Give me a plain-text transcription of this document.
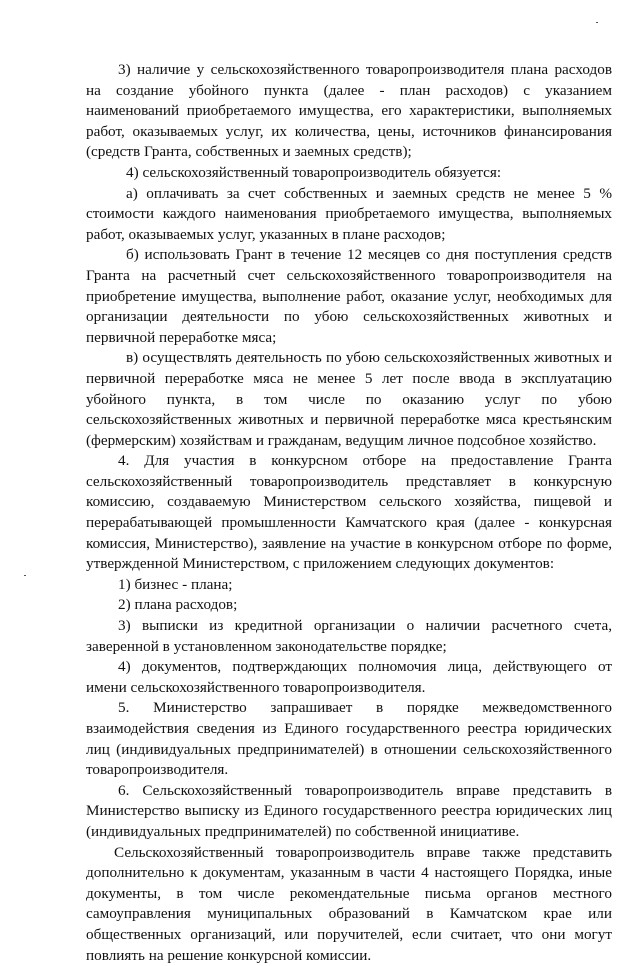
3) наличие у сельскохозяйственного товаропроизводителя плана расходов
на создание убойного пункта (далее - план расходов) с указанием
наименований приобретаемого имущества, его характеристики, выполняемых
работ, оказываемых услуг, их количества, цены, источников финансирования
(средств Гранта, собственных и заемных средств);
4) сельскохозяйственный товаропроизводитель обязуется:
а) оплачивать за счет собственных и заемных средств не менее 5 %
стоимости каждого наименования приобретаемого имущества, выполняемых
работ, оказываемых услуг, указанных в плане расходов;
б) использовать Грант в течение 12 месяцев со дня поступления средств
Гранта на расчетный счет сельскохозяйственного товаропроизводителя на
приобретение имущества, выполнение работ, оказание услуг, необходимых для
организации деятельности по убою сельскохозяйственных животных и
первичной переработке мяса;
в) осуществлять деятельность по убою сельскохозяйственных животных и
первичной переработке мяса не менее 5 лет после ввода в эксплуатацию
убойного пункта, в том числе по оказанию услуг по убою
сельскохозяйственных животных и первичной переработке мяса крестьянским
(фермерским) хозяйствам и гражданам, ведущим личное подсобное хозяйство.
4. Для участия в конкурсном отборе на предоставление Гранта
сельскохозяйственный товаропроизводитель представляет в конкурсную
комиссию, создаваемую Министерством сельского хозяйства, пищевой и
перерабатывающей промышленности Камчатского края (далее - конкурсная
комиссия, Министерство), заявление на участие в конкурсном отборе по форме,
утвержденной Министерством, с приложением следующих документов:
1) бизнес - плана;
2) плана расходов;
3) выписки из кредитной организации о наличии расчетного счета,
заверенной в установленном законодательстве порядке;
4) документов, подтверждающих полномочия лица, действующего от
имени сельскохозяйственного товаропроизводителя.
5. Министерство запрашивает в порядке межведомственного
взаимодействия сведения из Единого государственного реестра юридических
лиц (индивидуальных предпринимателей) в отношении сельскохозяйственного
товаропроизводителя.
6. Сельскохозяйственный товаропроизводитель вправе представить в
Министерство выписку из Единого государственного реестра юридических лиц
(индивидуальных предпринимателей) по собственной инициативе.
Сельскохозяйственный товаропроизводитель вправе также представить
дополнительно к документам, указанным в части 4 настоящего Порядка, иные
документы, в том числе рекомендательные письма органов местного
самоуправления муниципальных образований в Камчатском крае или
общественных организаций, или поручителей, если считает, что они могут
повлиять на решение конкурсной комиссии.
